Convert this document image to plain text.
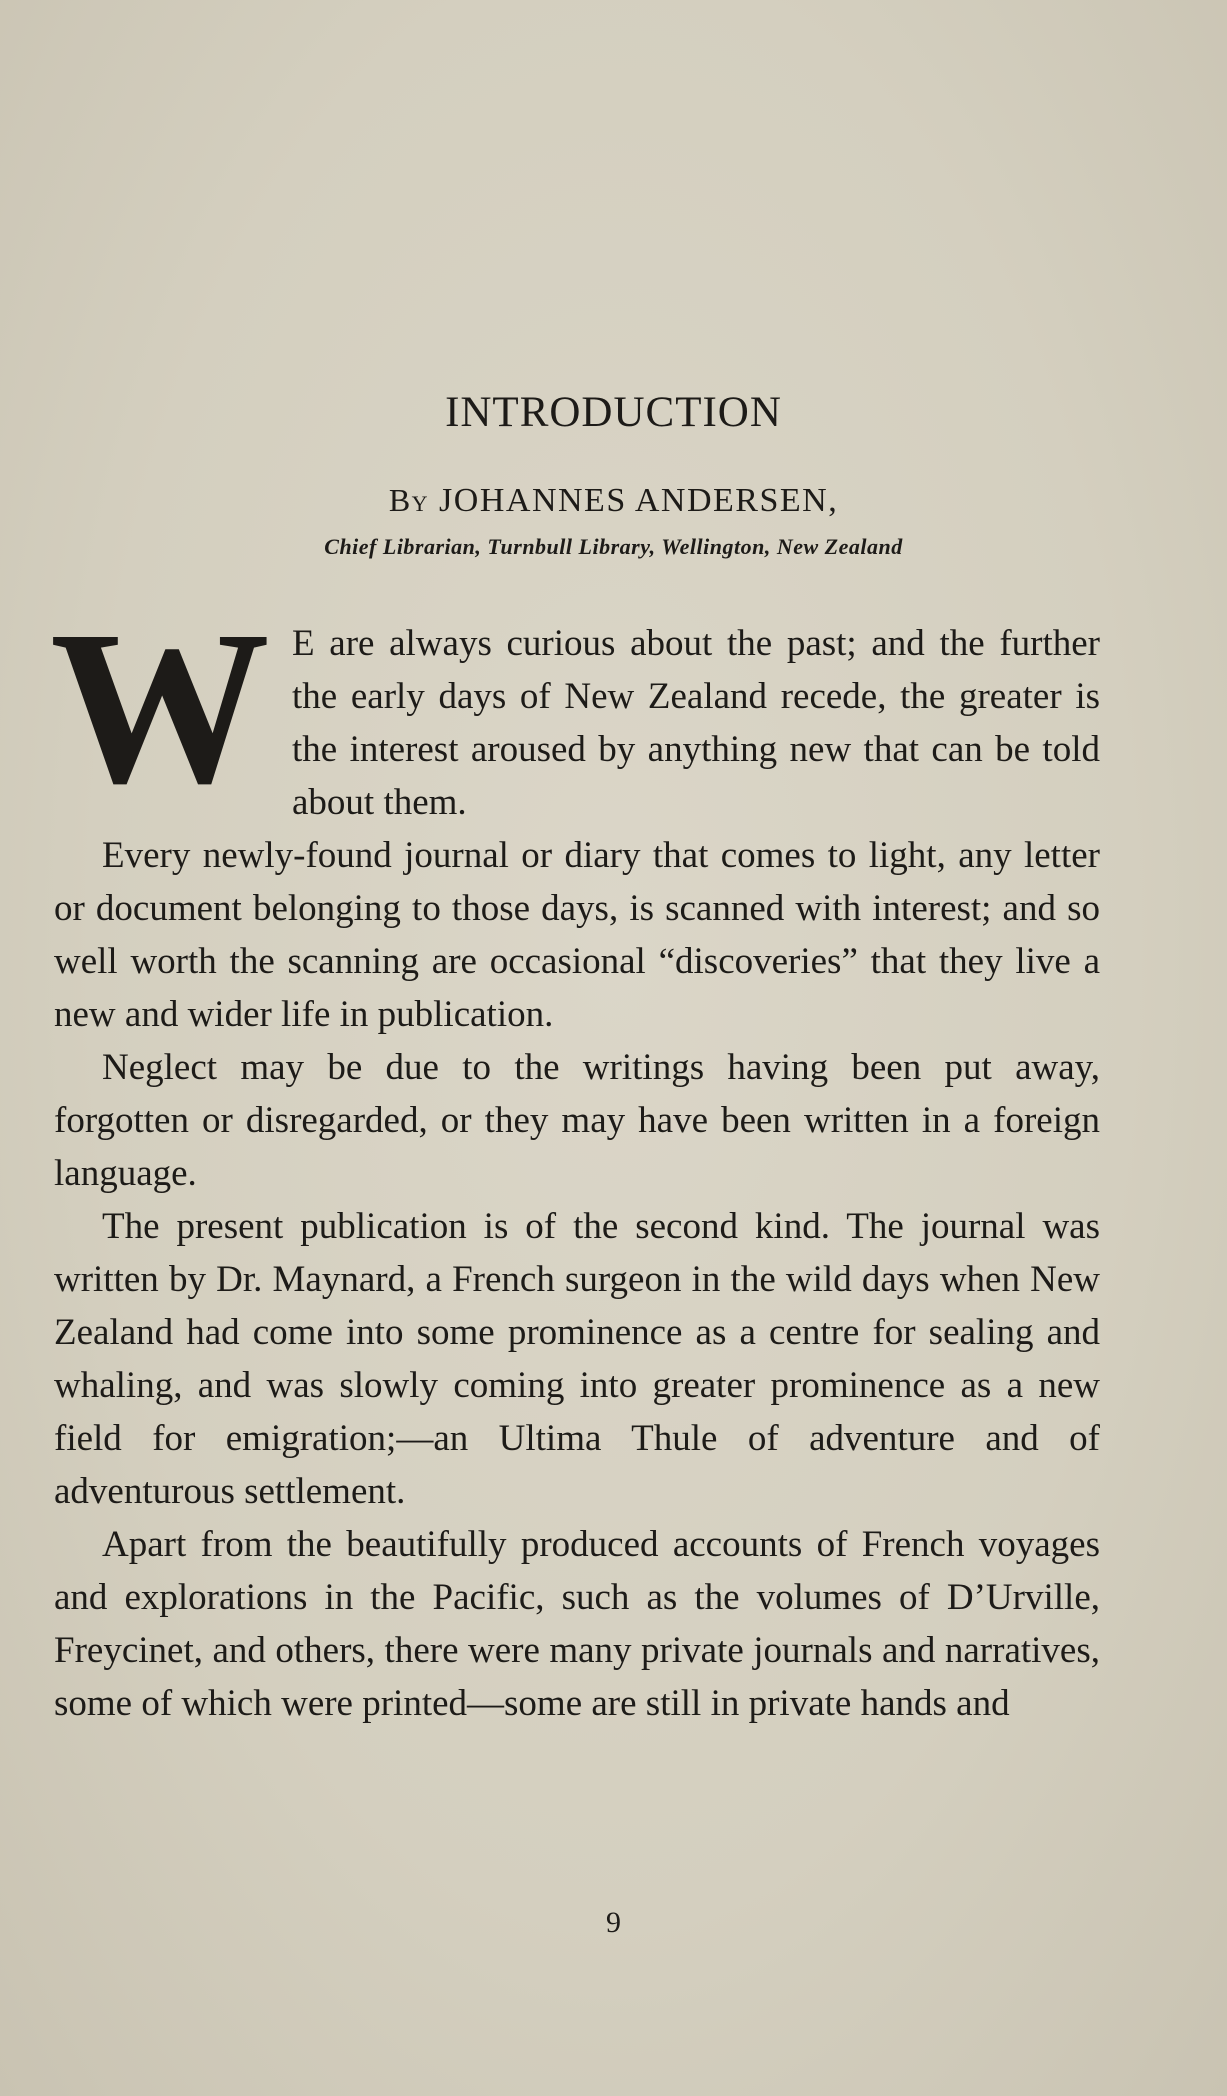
INTRODUCTION
By JOHANNES ANDERSEN,
Chief Librarian, Turnbull Library, Wellington, New Zealand

W E are always curious about the past; and the further the early days of New Zealand recede, the greater is the interest aroused by anything new that can be told about them.

Every newly-found journal or diary that comes to light, any letter or document belonging to those days, is scanned with interest; and so well worth the scanning are occasional “discoveries” that they live a new and wider life in publication.

Neglect may be due to the writings having been put away, forgotten or disregarded, or they may have been written in a foreign language.

The present publication is of the second kind. The journal was written by Dr. Maynard, a French surgeon in the wild days when New Zealand had come into some prominence as a centre for sealing and whaling, and was slowly coming into greater prominence as a new field for emigration;—an Ultima Thule of adventure and of adventurous settlement.

Apart from the beautifully produced accounts of French voyages and explorations in the Pacific, such as the volumes of D’Urville, Freycinet, and others, there were many private journals and narratives, some of which were printed—some are still in private hands and

9
